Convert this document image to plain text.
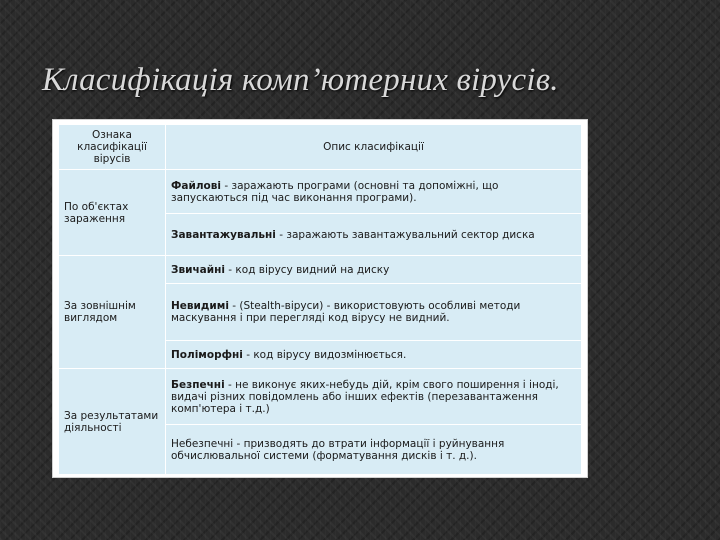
Класифікація комп’ютерних вірусів.
Ознака класифікації вірусів	Опис класифікації
По об'єктах зараження	Файлові - заражають програми (основні та допоміжні, що запускаються під час виконання програми).
	Завантажувальні - заражають завантажувальний сектор диска
За зовнішнім виглядом	Звичайні - код вірусу видний на диску
	Невидимі - (Stealth-віруси) - використовують особливі методи маскування і при перегляді код вірусу не видний.
	Поліморфні - код вірусу видозмінюється.
За результатами діяльності	Безпечні - не виконує яких-небудь дій, крім свого поширення і іноді, видачі різних повідомлень або інших ефектів (перезавантаження комп'ютера і т.д.)
	Небезпечні - призводять до втрати інформації і руйнування обчислювальної системи (форматування дисків і т. д.).
